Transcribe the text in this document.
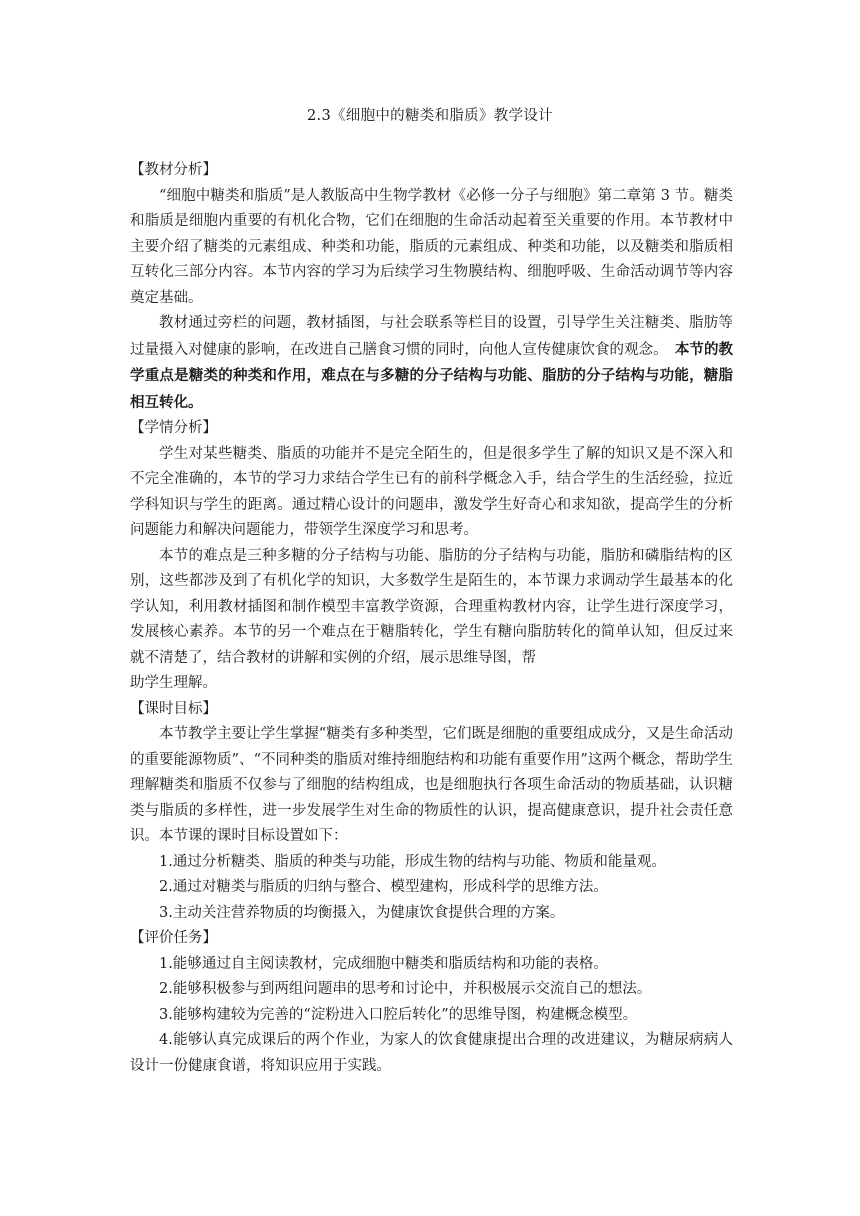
2.3《细胞中的糖类和脂质》教学设计

【教材分析】

“细胞中糖类和脂质”是人教版高中生物学教材《必修一分子与细胞》第二章第 3 节。糖类和脂质是细胞内重要的有机化合物，它们在细胞的生命活动起着至关重要的作用。本节教材中主要介绍了糖类的元素组成、种类和功能，脂质的元素组成、种类和功能，以及糖类和脂质相互转化三部分内容。本节内容的学习为后续学习生物膜结构、细胞呼吸、生命活动调节等内容奠定基础。

教材通过旁栏的问题，教材插图，与社会联系等栏目的设置，引导学生关注糖类、脂肪等过量摄入对健康的影响，在改进自己膳食习惯的同时，向他人宣传健康饮食的观念。　本节的教学重点是糖类的种类和作用，难点在与多糖的分子结构与功能、脂肪的分子结构与功能，糖脂相互转化。

【学情分析】

学生对某些糖类、脂质的功能并不是完全陌生的，但是很多学生了解的知识又是不深入和不完全准确的，本节的学习力求结合学生已有的前科学概念入手，结合学生的生活经验，拉近学科知识与学生的距离。通过精心设计的问题串，激发学生好奇心和求知欲，提高学生的分析问题能力和解决问题能力，带领学生深度学习和思考。

本节的难点是三种多糖的分子结构与功能、脂肪的分子结构与功能，脂肪和磷脂结构的区别，这些都涉及到了有机化学的知识，大多数学生是陌生的，本节课力求调动学生最基本的化学认知，利用教材插图和制作模型丰富教学资源，合理重构教材内容，让学生进行深度学习，发展核心素养。本节的另一个难点在于糖脂转化，学生有糖向脂肪转化的简单认知，但反过来就不清楚了，结合教材的讲解和实例的介绍，展示思维导图，帮

助学生理解。

【课时目标】

本节教学主要让学生掌握“糖类有多种类型，它们既是细胞的重要组成成分，又是生命活动的重要能源物质”、“不同种类的脂质对维持细胞结构和功能有重要作用”这两个概念，帮助学生理解糖类和脂质不仅参与了细胞的结构组成，也是细胞执行各项生命活动的物质基础，认识糖类与脂质的多样性，进一步发展学生对生命的物质性的认识，提高健康意识，提升社会责任意识。本节课的课时目标设置如下：

1.通过分析糖类、脂质的种类与功能，形成生物的结构与功能、物质和能量观。

2.通过对糖类与脂质的归纳与整合、模型建构，形成科学的思维方法。

3.主动关注营养物质的均衡摄入，为健康饮食提供合理的方案。

【评价任务】

1.能够通过自主阅读教材，完成细胞中糖类和脂质结构和功能的表格。

2.能够积极参与到两组问题串的思考和讨论中，并积极展示交流自己的想法。

3.能够构建较为完善的“淀粉进入口腔后转化”的思维导图，构建概念模型。

4.能够认真完成课后的两个作业，为家人的饮食健康提出合理的改进建议，为糖尿病病人设计一份健康食谱，将知识应用于实践。
